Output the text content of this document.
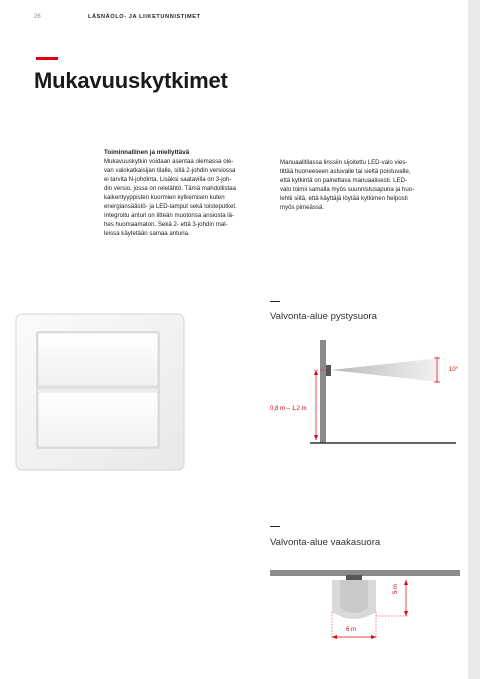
26	LÄSNÄOLO- JA LIIKETUNNISTIMET
Mukavuuskytkimet
Toiminnallinen ja miellyttävä

Mukavuuskytkin voidaan asentaa olemassa ole-
van valokatkaisijan tilalle, sillä 2-johdin versiossa
ei tarvita N-johdinta. Lisäksi saatavilla on 3-joh-
din versio, jossa on relelähtö. Tämä mahdollistaa
kaikentyyppisten kuormien kytkemisen kuten
energiansäästö- ja LED-lamput sekä loisteputket.
Integroitu anturi on litteän muotonsa ansiosta lä-
hes huomaamaton. Sekä 2- että 3-johdin mal-
leissa käytetään samaa anturia.

Manuaalitilassa linssiin sijoitettu LED-valo vies-
tittää huoneeseen astuvalle tai sieltä poistuvalle,
että kytkintä on painettava manuaalisesti. LED-
valo toimii samalla myös suunnistusapuna ja huo-
lehtii siitä, että käyttäjä löytää kytkimen helposti
myös pimeässä.

Valvonta-alue pystysuora
10°
0,8 m – 1,2 m
Valvonta-alue vaakasuora
5 m
6 m
